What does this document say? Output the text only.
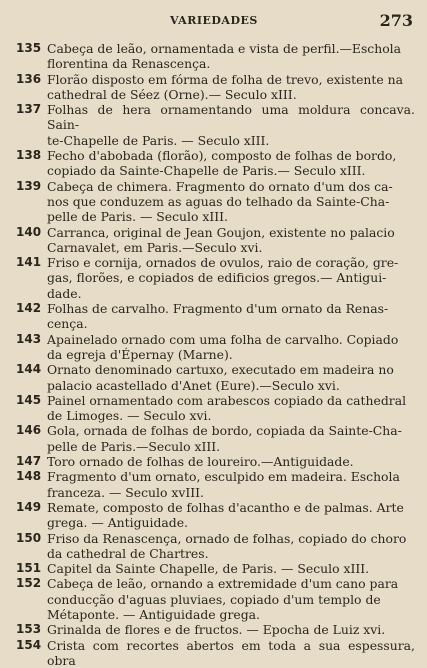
VARIEDADES	273
135 Cabeça de leão, ornamentada e vista de perfil.—Eschola
florentina da Renascença.
136 Florão disposto em fórma de folha de trevo, existente na
cathedral de Séez (Orne).— Seculo xIII.
137 Folhas de hera ornamentando uma moldura concava. Sain-
te-Chapelle de Paris. — Seculo xIII.
138 Fecho d'abobada (florão), composto de folhas de bordo,
copiado da Sainte-Chapelle de Paris.— Seculo xIII.
139 Cabeça de chimera. Fragmento do ornato d'um dos ca-
nos que conduzem as aguas do telhado da Sainte-Cha-
pelle de Paris. — Seculo xIII.
140 Carranca, original de Jean Goujon, existente no palacio
Carnavalet, em Paris.—Seculo xvi.
141 Friso e cornija, ornados de ovulos, raio de coração, gre-
gas, florões, e copiados de edificios gregos.— Antigui-
dade.
142 Folhas de carvalho. Fragmento d'um ornato da Renas-
cença.
143 Apainelado ornado com uma folha de carvalho. Copiado
da egreja d'Épernay (Marne).
144 Ornato denominado cartuxo, executado em madeira no
palacio acastellado d'Anet (Eure).—Seculo xvi.
145 Painel ornamentado com arabescos copiado da cathedral
de Limoges. — Seculo xvi.
146 Gola, ornada de folhas de bordo, copiada da Sainte-Cha-
pelle de Paris.—Seculo xIII.
147 Toro ornado de folhas de loureiro.—Antiguidade.
148 Fragmento d'um ornato, esculpido em madeira. Eschola
franceza. — Seculo xvIII.
149 Remate, composto de folhas d'acantho e de palmas. Arte
grega. — Antiguidade.
150 Friso da Renascença, ornado de folhas, copiado do choro
da cathedral de Chartres.
151 Capitel da Sainte Chapelle, de Paris. — Seculo xIII.
152 Cabeça de leão, ornando a extremidade d'um cano para
conducção d'aguas pluviaes, copiado d'um templo de
Métaponte. — Antiguidade grega.
153 Grinalda de flores e de fructos. — Epocha de Luiz xvi.
154 Crista com recortes abertos em toda a sua espessura, obra
